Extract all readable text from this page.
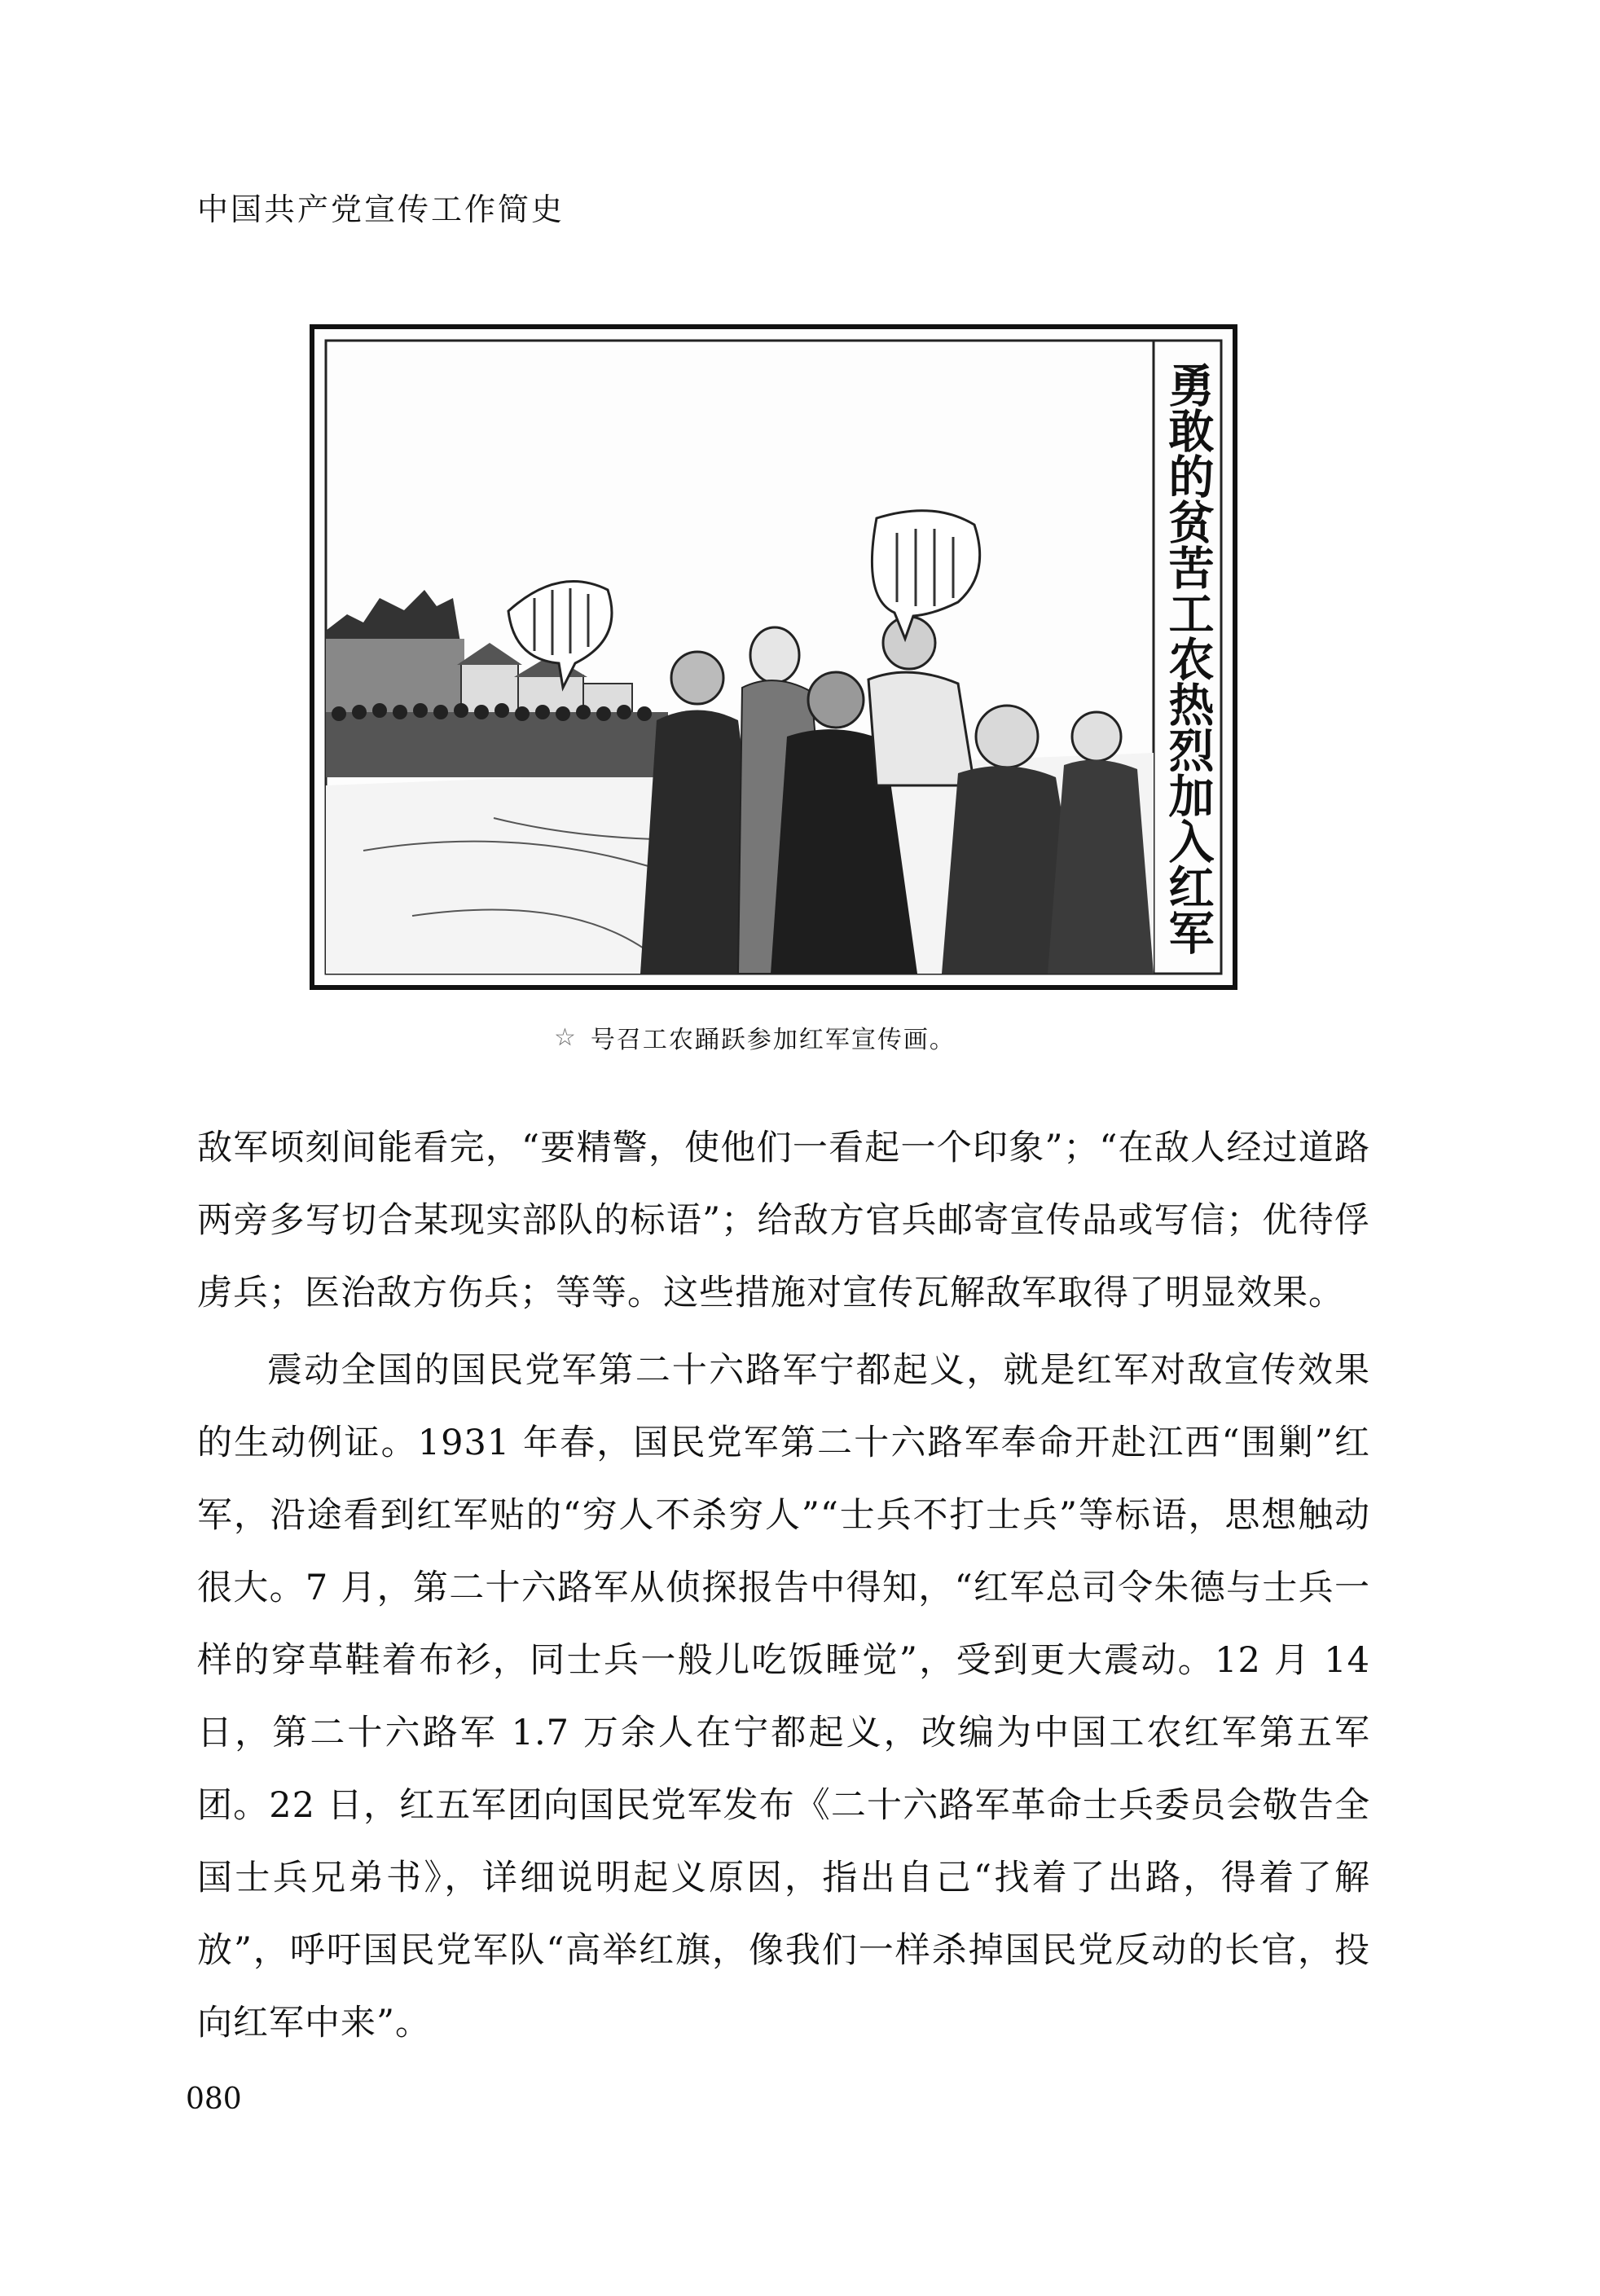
中国共产党宣传工作简史
勇敢的贫苦工农热烈加入红军
☆ 号召工农踊跃参加红军宣传画。

敌军顷刻间能看完，“要精警，使他们一看起一个印象”；“在敌人经过道路两旁多写切合某现实部队的标语”；给敌方官兵邮寄宣传品或写信；优待俘虏兵；医治敌方伤兵；等等。这些措施对宣传瓦解敌军取得了明显效果。

震动全国的国民党军第二十六路军宁都起义，就是红军对敌宣传效果的生动例证。1931 年春，国民党军第二十六路军奉命开赴江西“围剿”红军，沿途看到红军贴的“穷人不杀穷人”“士兵不打士兵”等标语，思想触动很大。7 月，第二十六路军从侦探报告中得知，“红军总司令朱德与士兵一样的穿草鞋着布衫，同士兵一般儿吃饭睡觉”，受到更大震动。12 月 14 日，第二十六路军 1.7 万余人在宁都起义，改编为中国工农红军第五军团。22 日，红五军团向国民党军发布《二十六路军革命士兵委员会敬告全国士兵兄弟书》，详细说明起义原因，指出自己“找着了出路，得着了解放”，呼吁国民党军队“高举红旗，像我们一样杀掉国民党反动的长官，投向红军中来”。

080
